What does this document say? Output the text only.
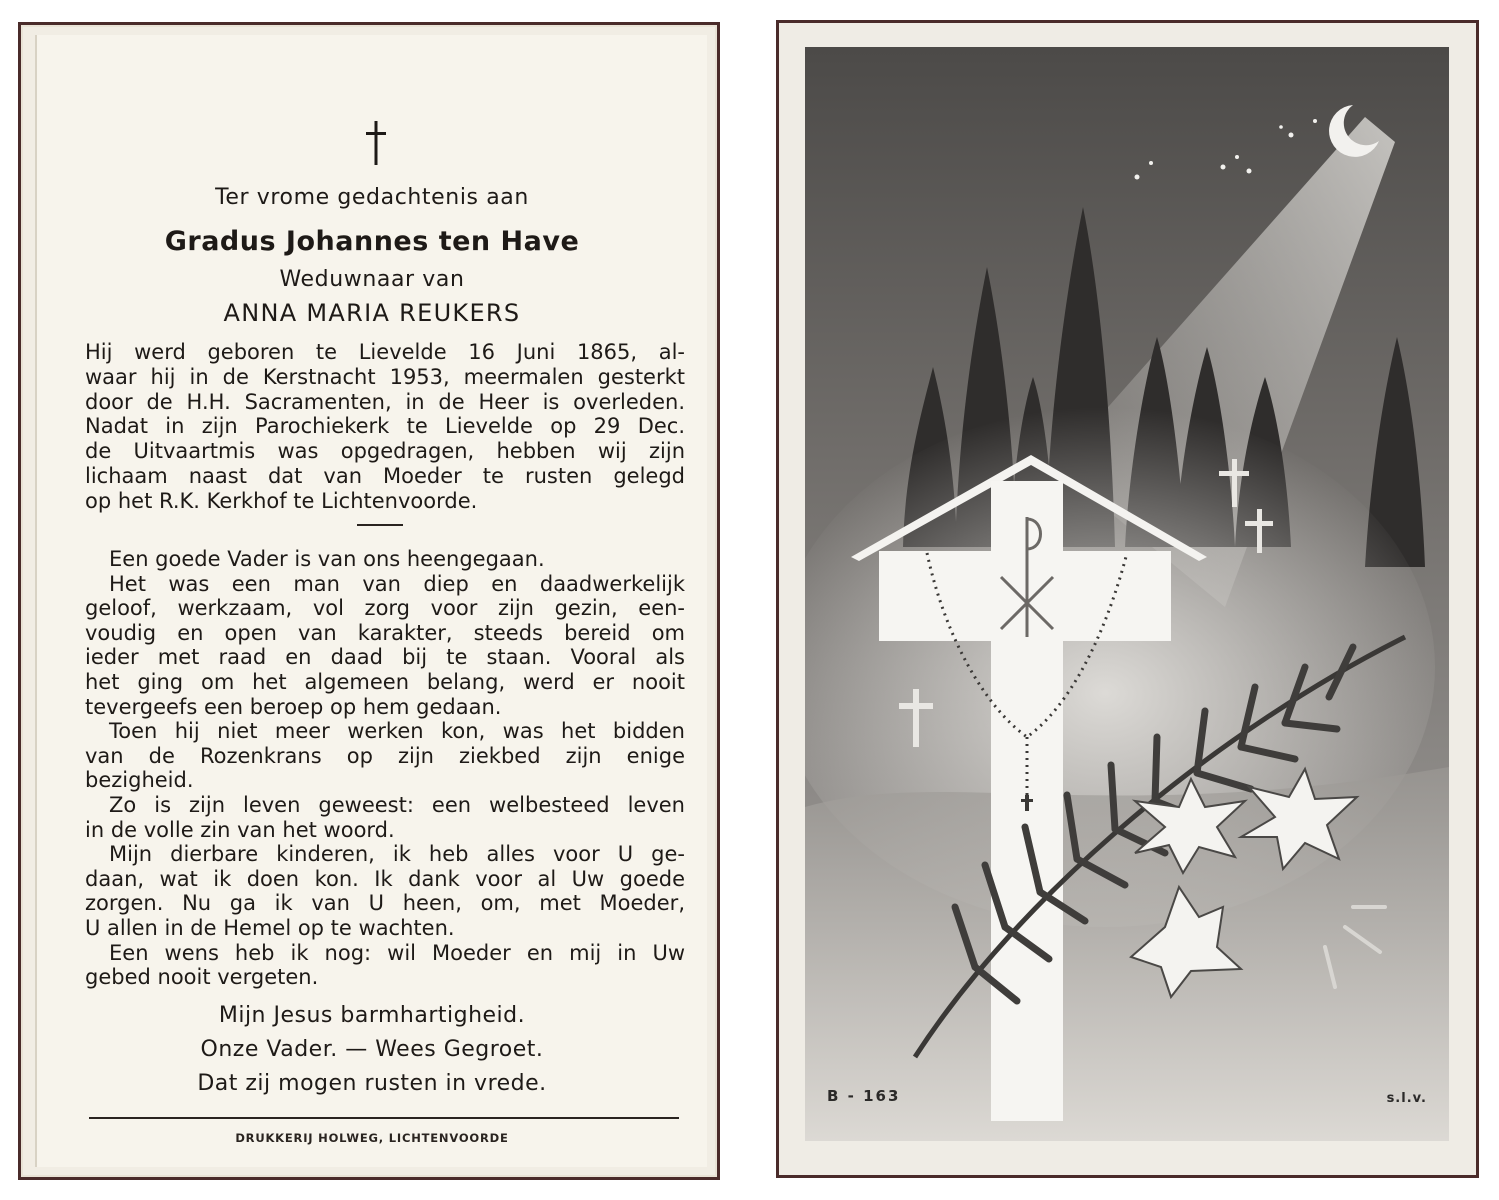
Ter vrome gedachtenis aan
Gradus Johannes ten Have
Weduwnaar van
ANNA MARIA REUKERS
Hij werd geboren te Lievelde 16 Juni 1865, al-
waar hij in de Kerstnacht 1953, meermalen gesterkt
door de H.H. Sacramenten, in de Heer is overleden.
Nadat in zijn Parochiekerk te Lievelde op 29 Dec.
de Uitvaartmis was opgedragen, hebben wij zijn
lichaam naast dat van Moeder te rusten gelegd
op het R.K. Kerkhof te Lichtenvoorde.
Een goede Vader is van ons heengegaan.
Het was een man van diep en daadwerkelijk
geloof, werkzaam, vol zorg voor zijn gezin, een-
voudig en open van karakter, steeds bereid om
ieder met raad en daad bij te staan. Vooral als
het ging om het algemeen belang, werd er nooit
tevergeefs een beroep op hem gedaan.
Toen hij niet meer werken kon, was het bidden
van de Rozenkrans op zijn ziekbed zijn enige
bezigheid.
Zo is zijn leven geweest: een welbesteed leven
in de volle zin van het woord.
Mijn dierbare kinderen, ik heb alles voor U ge-
daan, wat ik doen kon. Ik dank voor al Uw goede
zorgen. Nu ga ik van U heen, om, met Moeder,
U allen in de Hemel op te wachten.
Een wens heb ik nog: wil Moeder en mij in Uw
gebed nooit vergeten.
Mijn Jesus barmhartigheid.
Onze Vader. — Wees Gegroet.
Dat zij mogen rusten in vrede.
DRUKKERIJ HOLWEG, LICHTENVOORDE
B - 163	s.l.v.
